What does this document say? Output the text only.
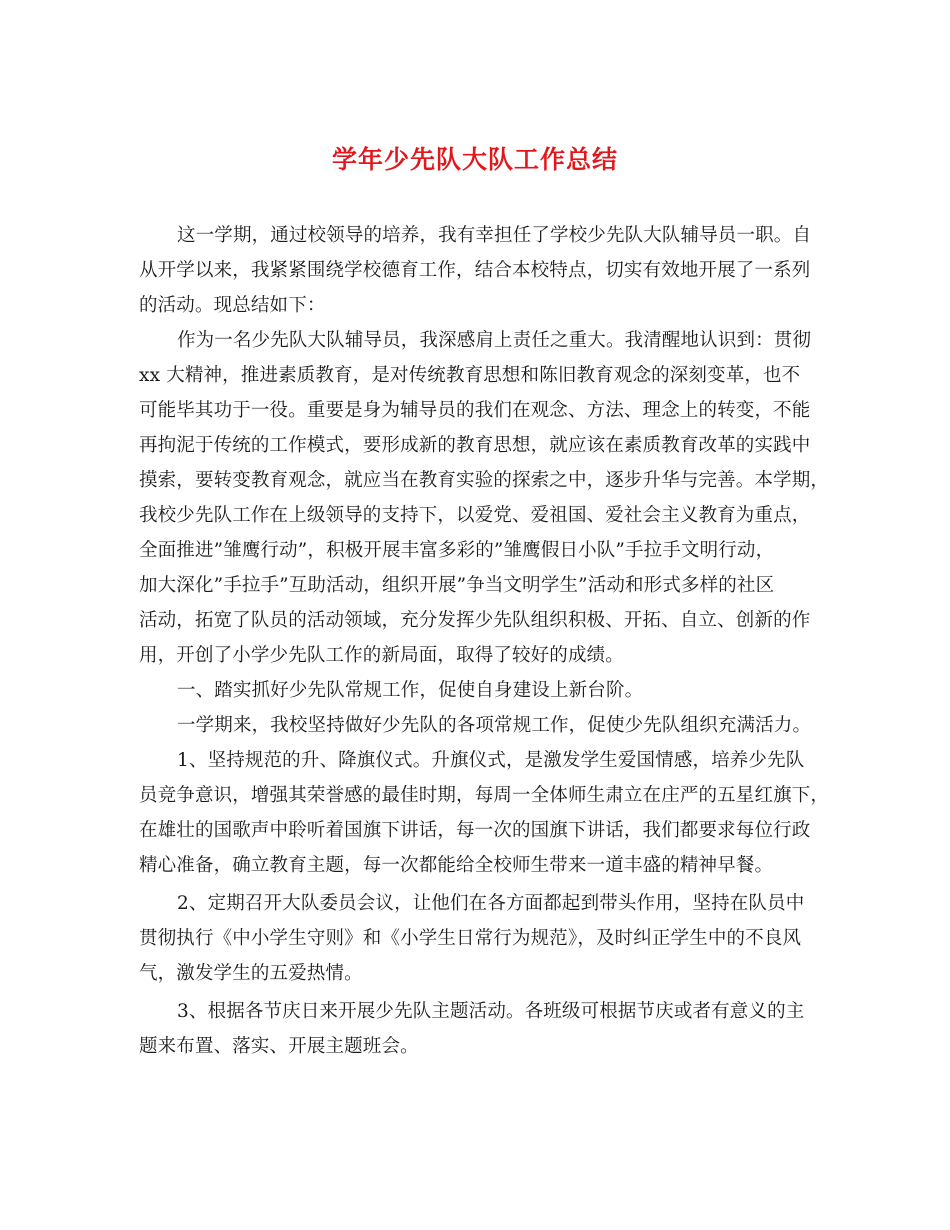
学年少先队大队工作总结
这一学期，通过校领导的培养，我有幸担任了学校少先队大队辅导员一职。自
从开学以来，我紧紧围绕学校德育工作，结合本校特点，切实有效地开展了一系列
的活动。现总结如下：
作为一名少先队大队辅导员，我深感肩上责任之重大。我清醒地认识到：贯彻
xx 大精神，推进素质教育，是对传统教育思想和陈旧教育观念的深刻变革，也不
可能毕其功于一役。重要是身为辅导员的我们在观念、方法、理念上的转变，不能
再拘泥于传统的工作模式，要形成新的教育思想，就应该在素质教育改革的实践中
摸索，要转变教育观念，就应当在教育实验的探索之中，逐步升华与完善。本学期，
我校少先队工作在上级领导的支持下，以爱党、爱祖国、爱社会主义教育为重点，
全面推进”雏鹰行动”，积极开展丰富多彩的”雏鹰假日小队”手拉手文明行动，
加大深化”手拉手”互助活动，组织开展”争当文明学生”活动和形式多样的社区
活动，拓宽了队员的活动领域，充分发挥少先队组织积极、开拓、自立、创新的作
用，开创了小学少先队工作的新局面，取得了较好的成绩。
一、踏实抓好少先队常规工作，促使自身建设上新台阶。
一学期来，我校坚持做好少先队的各项常规工作，促使少先队组织充满活力。
1、坚持规范的升、降旗仪式。升旗仪式，是激发学生爱国情感，培养少先队
员竞争意识，增强其荣誉感的最佳时期，每周一全体师生肃立在庄严的五星红旗下，
在雄壮的国歌声中聆听着国旗下讲话，每一次的国旗下讲话，我们都要求每位行政
精心准备，确立教育主题，每一次都能给全校师生带来一道丰盛的精神早餐。
2、定期召开大队委员会议，让他们在各方面都起到带头作用，坚持在队员中
贯彻执行《中小学生守则》和《小学生日常行为规范》，及时纠正学生中的不良风
气，激发学生的五爱热情。
3、根据各节庆日来开展少先队主题活动。各班级可根据节庆或者有意义的主
题来布置、落实、开展主题班会。
